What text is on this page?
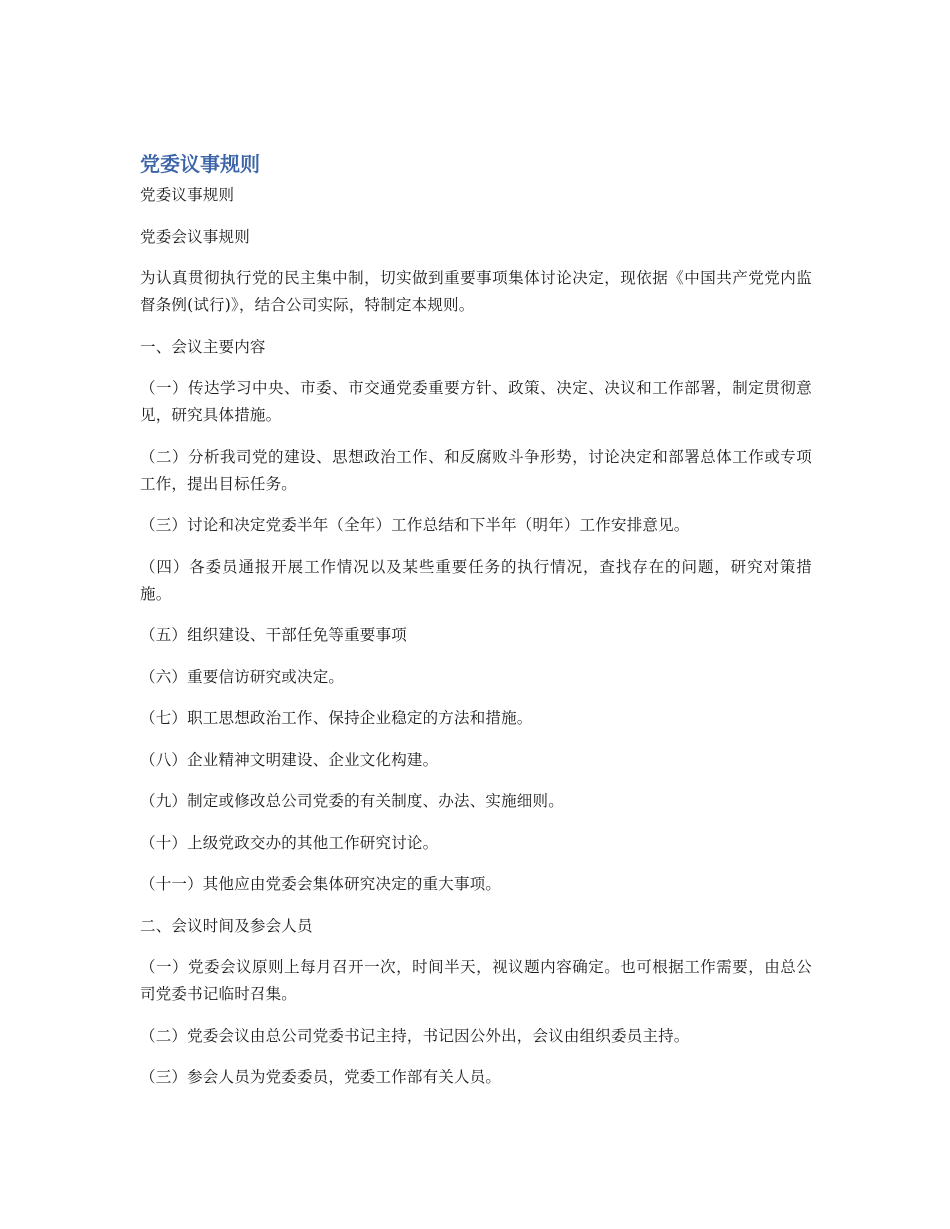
党委议事规则

党委议事规则

党委会议事规则

为认真贯彻执行党的民主集中制，切实做到重要事项集体讨论决定，现依据《中国共产党党内监督条例(试行)》，结合公司实际，特制定本规则。

一、会议主要内容

（一）传达学习中央、市委、市交通党委重要方针、政策、决定、决议和工作部署，制定贯彻意见，研究具体措施。

（二）分析我司党的建设、思想政治工作、和反腐败斗争形势，讨论决定和部署总体工作或专项工作，提出目标任务。

（三）讨论和决定党委半年（全年）工作总结和下半年（明年）工作安排意见。

（四）各委员通报开展工作情况以及某些重要任务的执行情况，查找存在的问题，研究对策措施。

（五）组织建设、干部任免等重要事项

（六）重要信访研究或决定。

（七）职工思想政治工作、保持企业稳定的方法和措施。

（八）企业精神文明建设、企业文化构建。

（九）制定或修改总公司党委的有关制度、办法、实施细则。

（十）上级党政交办的其他工作研究讨论。

（十一）其他应由党委会集体研究决定的重大事项。

二、会议时间及参会人员

（一）党委会议原则上每月召开一次，时间半天，视议题内容确定。也可根据工作需要，由总公司党委书记临时召集。

（二）党委会议由总公司党委书记主持，书记因公外出，会议由组织委员主持。

（三）参会人员为党委委员，党委工作部有关人员。
